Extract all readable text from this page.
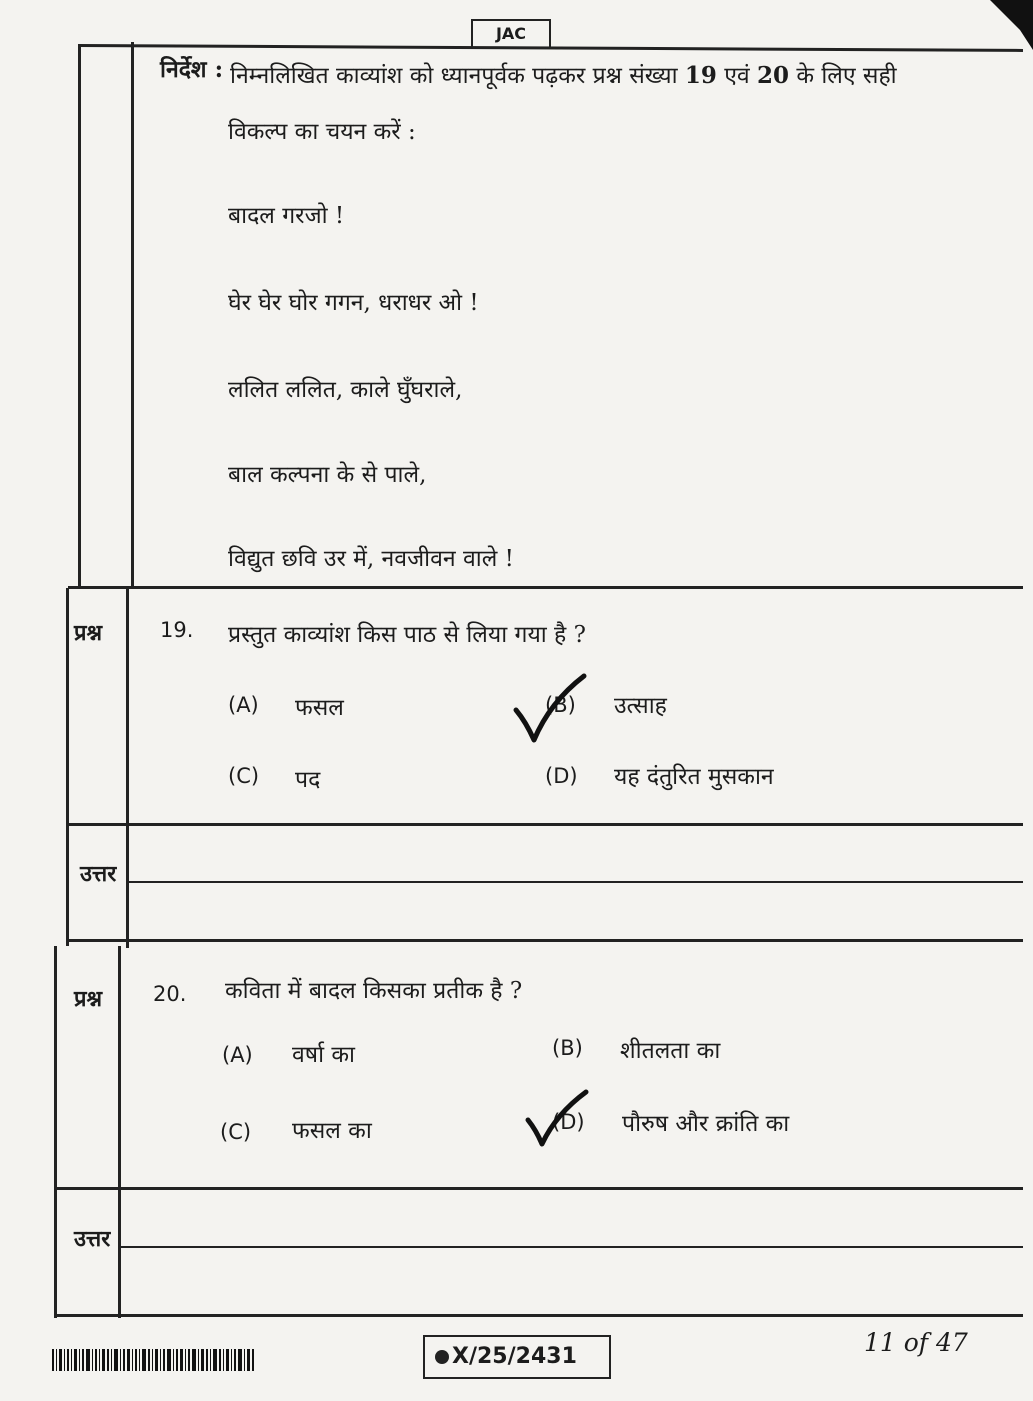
JAC
निर्देश : निम्नलिखित काव्यांश को ध्यानपूर्वक पढ़कर प्रश्न संख्या 19 एवं 20 के लिए सही
विकल्प का चयन करें :
बादल गरजो !
घेर घेर घोर गगन, धराधर ओ !
ललित ललित, काले घुँघराले,
बाल कल्पना के से पाले,
विद्युत छवि उर में, नवजीवन वाले !
प्रश्न	19. प्रस्तुत काव्यांश किस पाठ से लिया गया है ?
(A) फसल	(B) उत्साह
(C) पद	(D) यह दंतुरित मुसकान
उत्तर
प्रश्न 20. कविता में बादल किसका प्रतीक है ?
(A) वर्षा का	(B) शीतलता का
(C) फसल का	(D) पौरुष और क्रांति का
उत्तर
X/25/2431	11 of 47
